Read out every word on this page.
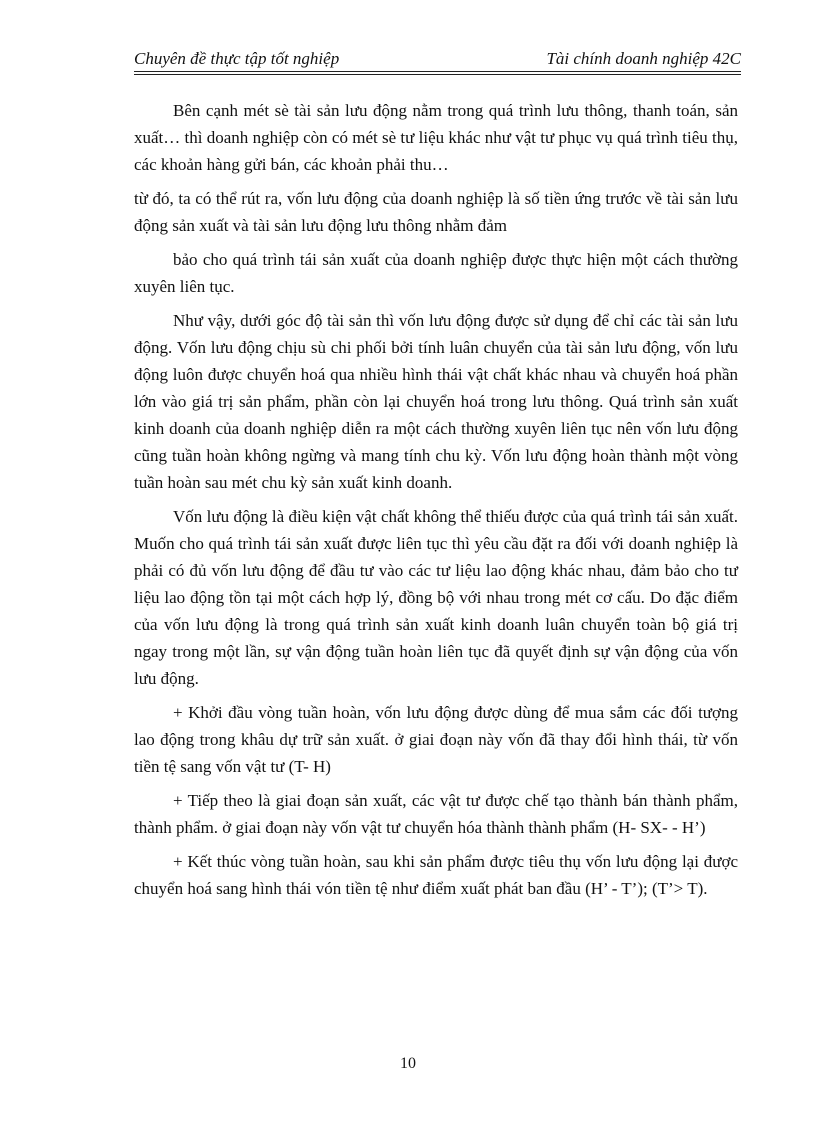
Chuyên đề thực tập tốt nghiệp	Tài chính doanh nghiệp 42C

Bên cạnh mét sè tài sản lưu động nằm trong quá trình lưu thông, thanh toán, sản xuất… thì doanh nghiệp còn có mét sè tư liệu khác như vật tư phục vụ quá trình tiêu thụ, các khoản hàng gửi bán, các khoản phải thu…

từ đó, ta có thể rút ra, vốn lưu động của doanh nghiệp là số tiền ứng trước về tài sản lưu động sản xuất và tài sản lưu động lưu thông nhằm đảm

bảo cho quá trình tái sản xuất của doanh nghiệp được thực hiện một cách thường xuyên liên tục.

Như vậy, dưới góc độ tài sản thì vốn lưu động được sử dụng để chỉ các tài sản lưu động. Vốn lưu động chịu sù chi phối bởi tính luân chuyển của tài sản lưu động, vốn lưu động luôn được chuyển hoá qua nhiều hình thái vật chất khác nhau và chuyển hoá phần lớn vào giá trị sản phẩm, phần còn lại chuyển hoá trong lưu thông. Quá trình sản xuất kinh doanh của doanh nghiệp diễn ra một cách thường xuyên liên tục nên vốn lưu động cũng tuần hoàn không ngừng và mang tính chu kỳ. Vốn lưu động hoàn thành một vòng tuần hoàn sau mét chu kỳ sản xuất kinh doanh.

Vốn lưu động là điều kiện vật chất không thể thiếu được của quá trình tái sản xuất. Muốn cho quá trình tái sản xuất được liên tục thì yêu cầu đặt ra đối với doanh nghiệp là phải có đủ vốn lưu động để đầu tư vào các tư liệu lao động khác nhau, đảm bảo cho tư liệu lao động tồn tại một cách hợp lý, đồng bộ với nhau trong mét cơ cấu. Do đặc điểm của vốn lưu động là trong quá trình sản xuất kinh doanh luân chuyển toàn bộ giá trị ngay trong một lần, sự vận động tuần hoàn liên tục đã quyết định sự vận động của vốn lưu động.

+ Khởi đầu vòng tuần hoàn, vốn lưu động được dùng để mua sắm các đối tượng lao động trong khâu dự trữ sản xuất. ở giai đoạn này vốn đã thay đổi hình thái, từ vốn tiền tệ sang vốn vật tư (T- H)

+ Tiếp theo là giai đoạn sản xuất, các vật tư được chế tạo thành bán thành phẩm, thành phẩm. ở giai đoạn này vốn vật tư chuyển hóa thành thành phẩm (H- SX- - H’)

+ Kết thúc vòng tuần hoàn, sau khi sản phẩm được tiêu thụ vốn lưu động lại được chuyển hoá sang hình thái vón tiền tệ như điểm xuất phát ban đầu (H’ - T’); (T’> T).

10
